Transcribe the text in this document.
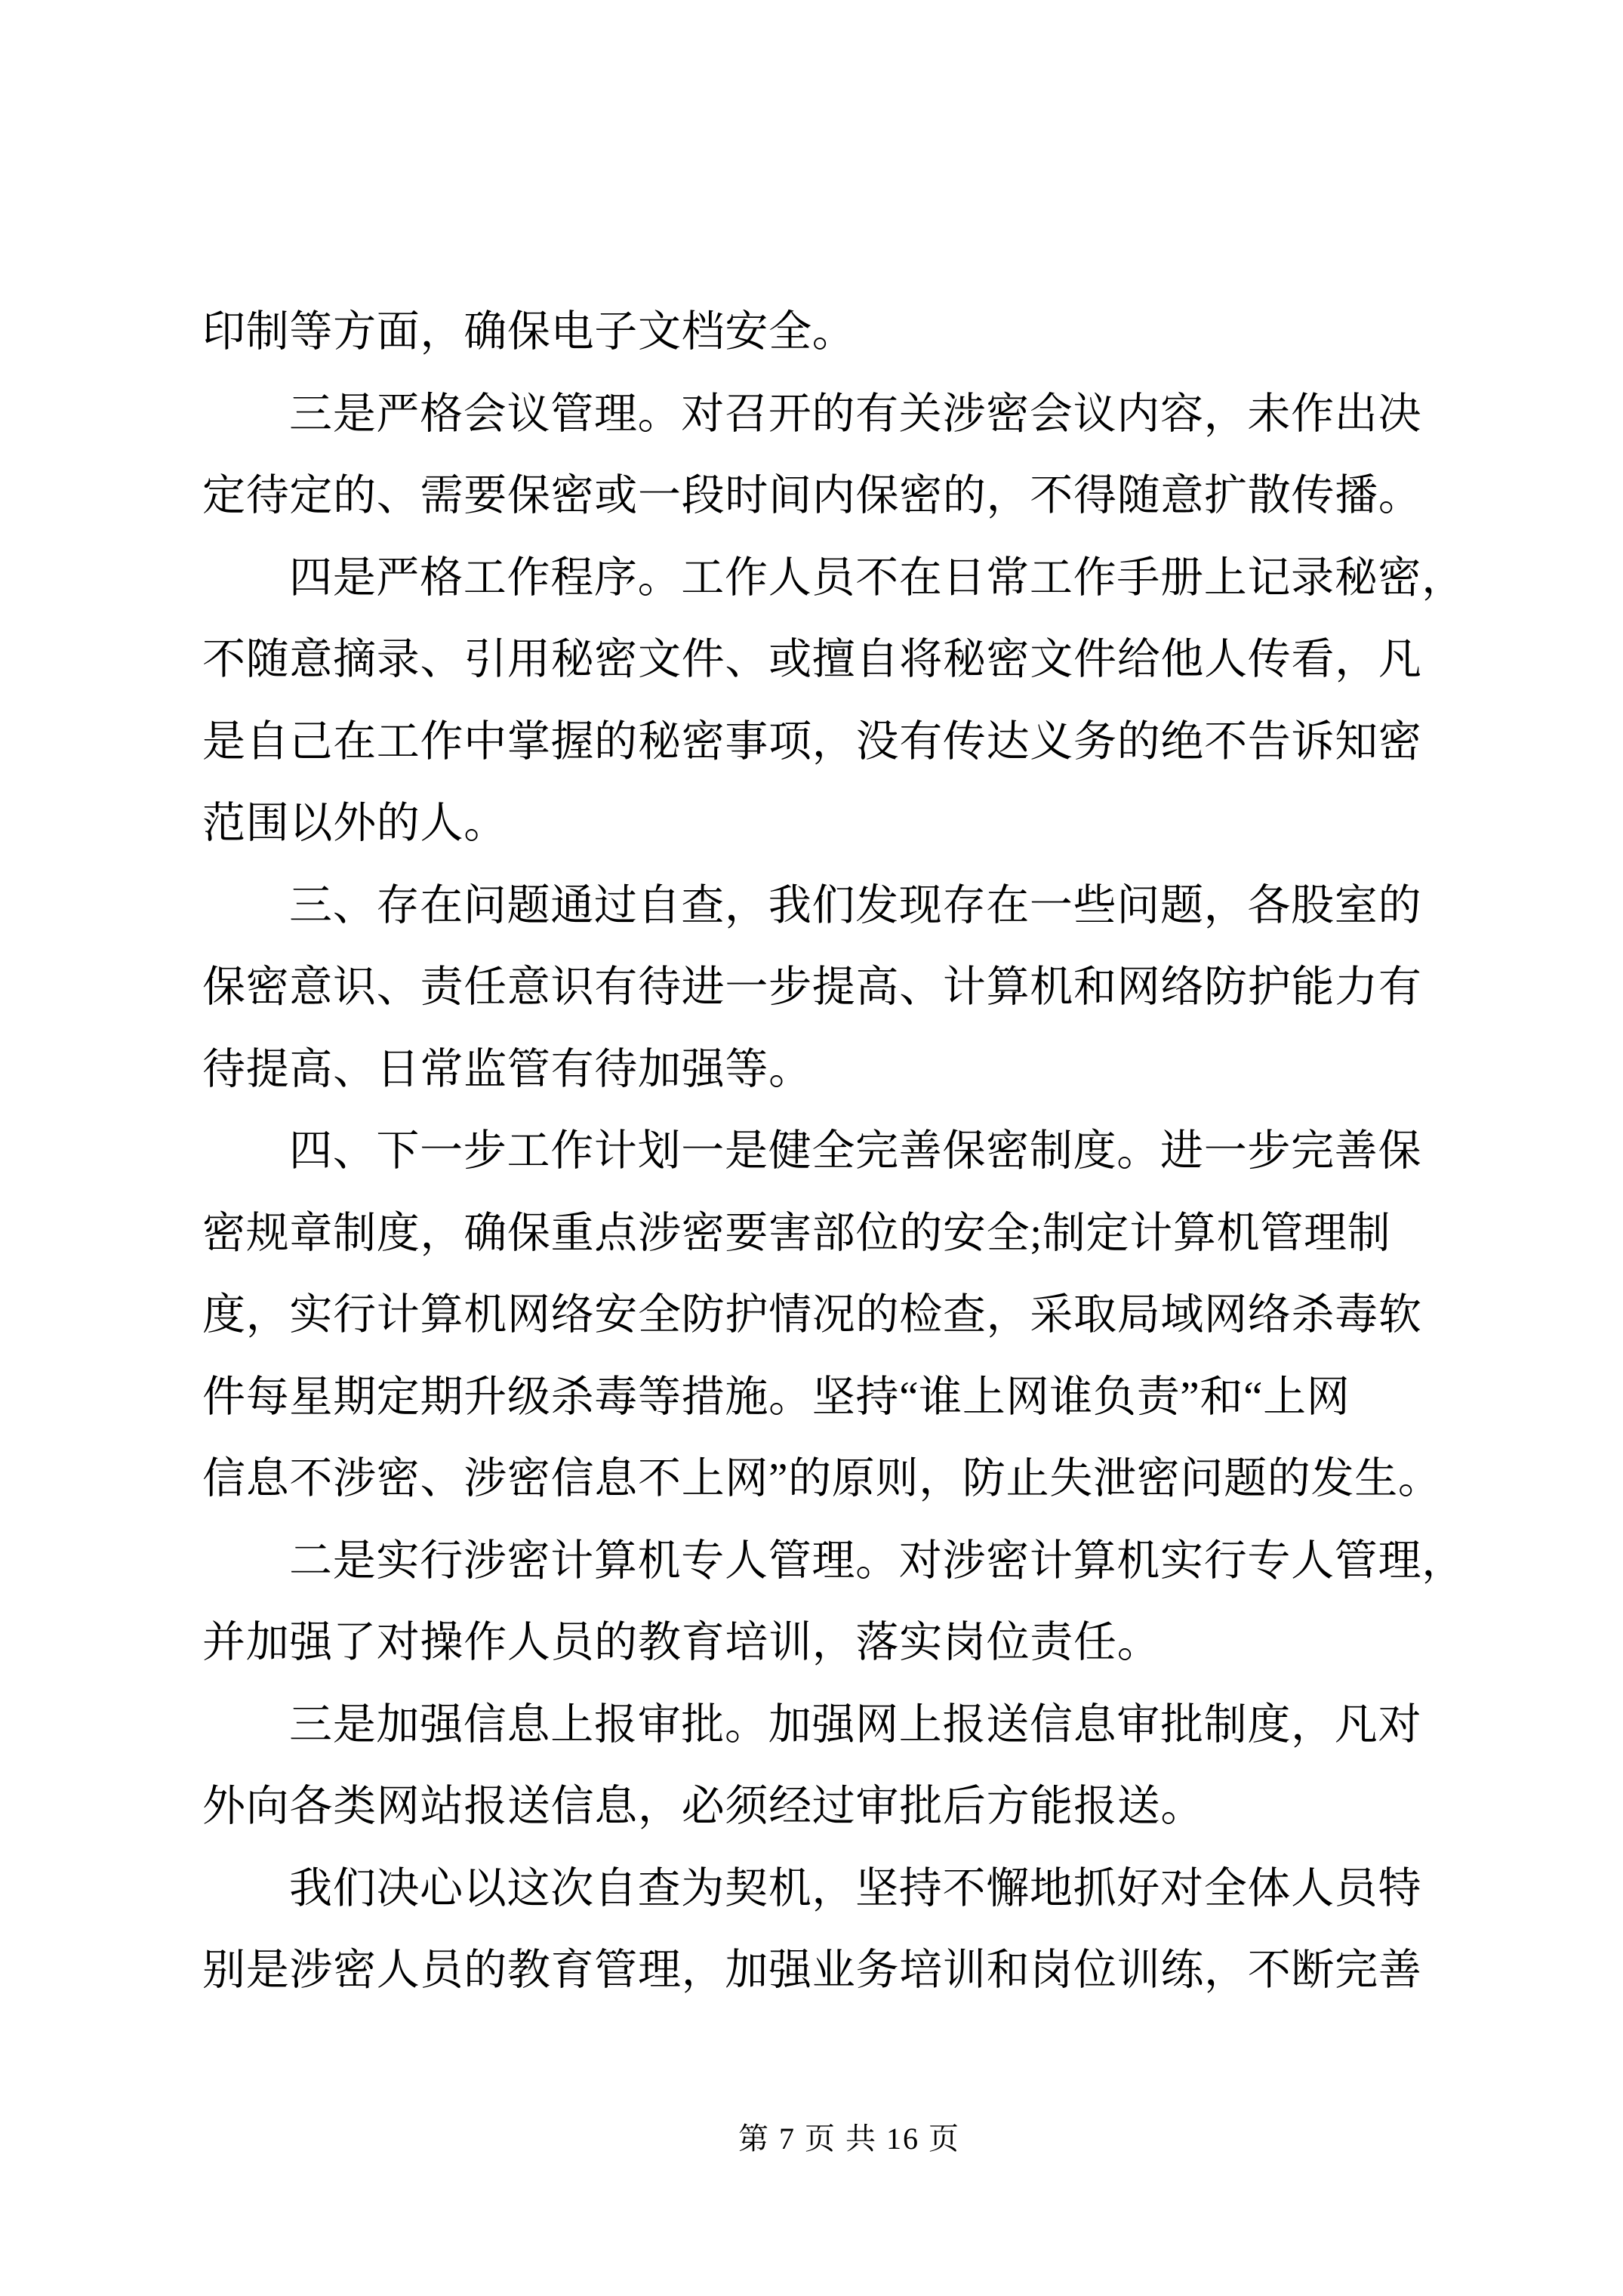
印制等方面，确保电子文档安全。
三是严格会议管理。对召开的有关涉密会议内容，未作出决
定待定的、需要保密或一段时间内保密的，不得随意扩散传播。
四是严格工作程序。工作人员不在日常工作手册上记录秘密，
不随意摘录、引用秘密文件、或擅自将秘密文件给他人传看，凡
是自己在工作中掌握的秘密事项，没有传达义务的绝不告诉知密
范围以外的人。
三、存在问题通过自查，我们发现存在一些问题，各股室的
保密意识、责任意识有待进一步提高、计算机和网络防护能力有
待提高、日常监管有待加强等。
四、下一步工作计划一是健全完善保密制度。进一步完善保
密规章制度，确保重点涉密要害部位的安全;制定计算机管理制
度，实行计算机网络安全防护情况的检查，采取局域网络杀毒软
件每星期定期升级杀毒等措施。坚持“谁上网谁负责”和“上网
信息不涉密、涉密信息不上网”的原则，防止失泄密问题的发生。
二是实行涉密计算机专人管理。对涉密计算机实行专人管理，
并加强了对操作人员的教育培训，落实岗位责任。
三是加强信息上报审批。加强网上报送信息审批制度，凡对
外向各类网站报送信息，必须经过审批后方能报送。
我们决心以这次自查为契机，坚持不懈地抓好对全体人员特
别是涉密人员的教育管理，加强业务培训和岗位训练，不断完善
第 7 页 共 16 页
